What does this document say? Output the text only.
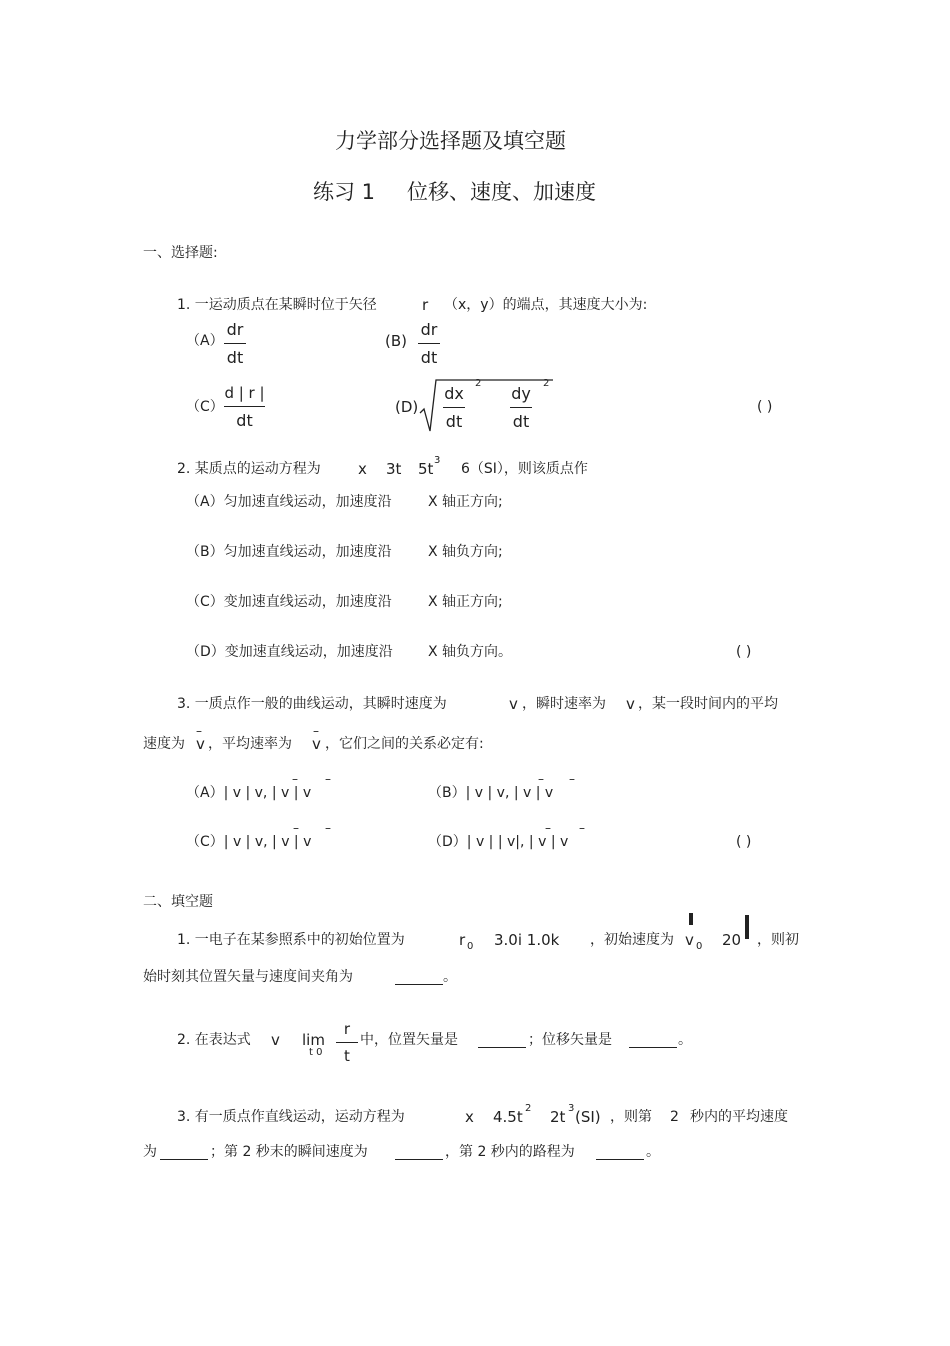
力学部分选择题及填空题
练习 1 位移、速度、加速度
一、选择题:
1. 一运动质点在某瞬时位于矢径	r （x，y）的端点，其速度大小为:
（A）
dr
dt
(B)
dr
dt
（C）
d | r |
dt
(D)
dx
dt
2
dy
dt
2
( )
2. 某质点的运动方程为 x 3t 5t 3
6（SI），则该质点作
（A）匀加速直线运动，加速度沿	X 轴正方向;
（B）匀加速直线运动，加速度沿	X 轴负方向;
（C）变加速直线运动，加速度沿	X 轴正方向;
（D）变加速直线运动，加速度沿	X 轴负方向。	( )
3. 一质点作一般的曲线运动，其瞬时速度为	v ，瞬时速率为 v ，某一段时间内的平均
速度为
–
v ，平均速率为
–
v ，它们之间的关系必定有:
– –
（A）| v | v, | v | v
– –
（B）| v | v, | v | v
– –
（C）| v | v, | v | v
– –
（D）| v | | v|, | v | v	( )
二、填空题
1. 一电子在某参照系中的初始位置为	r 0 3.0i 1.0k ，初始速度为 v 0 20 ，则初
始时刻其位置矢量与速度间夹角为	。
2. 在表达式 v lim
t 0
r
t
中，位置矢量是	；位移矢量是	。
3. 有一质点作直线运动，运动方程为	x 4.5t 2 2t 3 (SI) ，则第 2 秒内的平均速度
为	；第 2 秒末的瞬间速度为	，第 2 秒内的路程为	。
